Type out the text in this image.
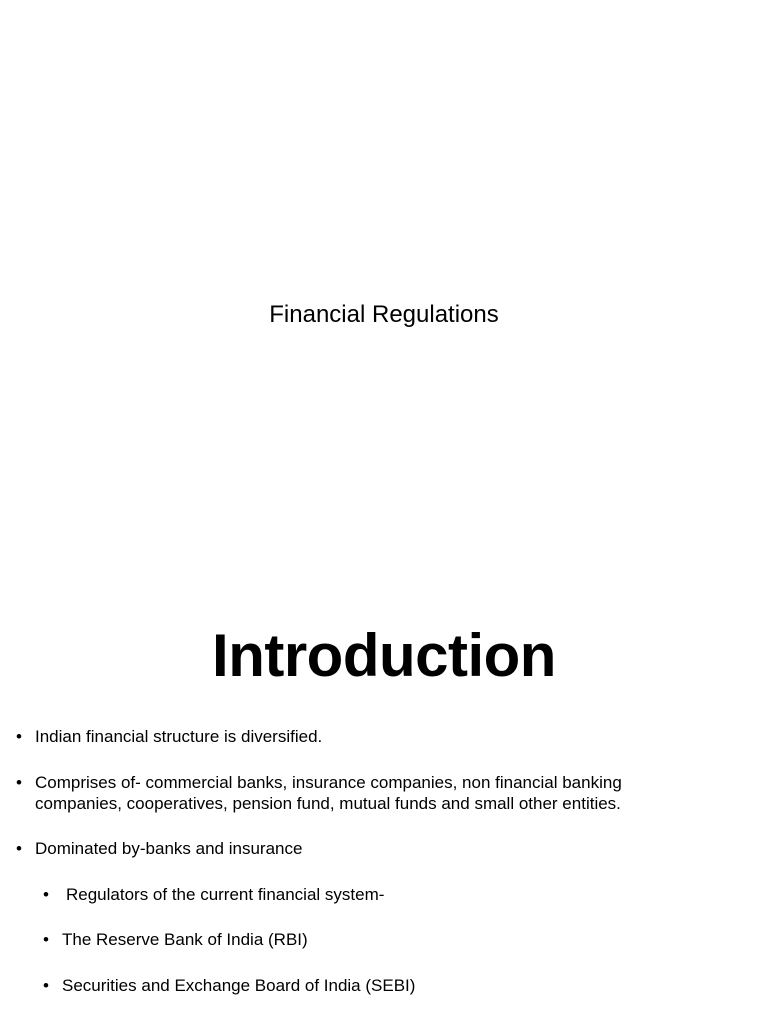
Financial Regulations
Introduction
• Indian financial structure is diversified.
• Comprises of- commercial banks, insurance companies, non financial banking companies, cooperatives, pension fund, mutual funds and small other entities.
• Dominated by-banks and insurance
• Regulators of the current financial system-
• The Reserve Bank of India (RBI)
• Securities and Exchange Board of India (SEBI)
